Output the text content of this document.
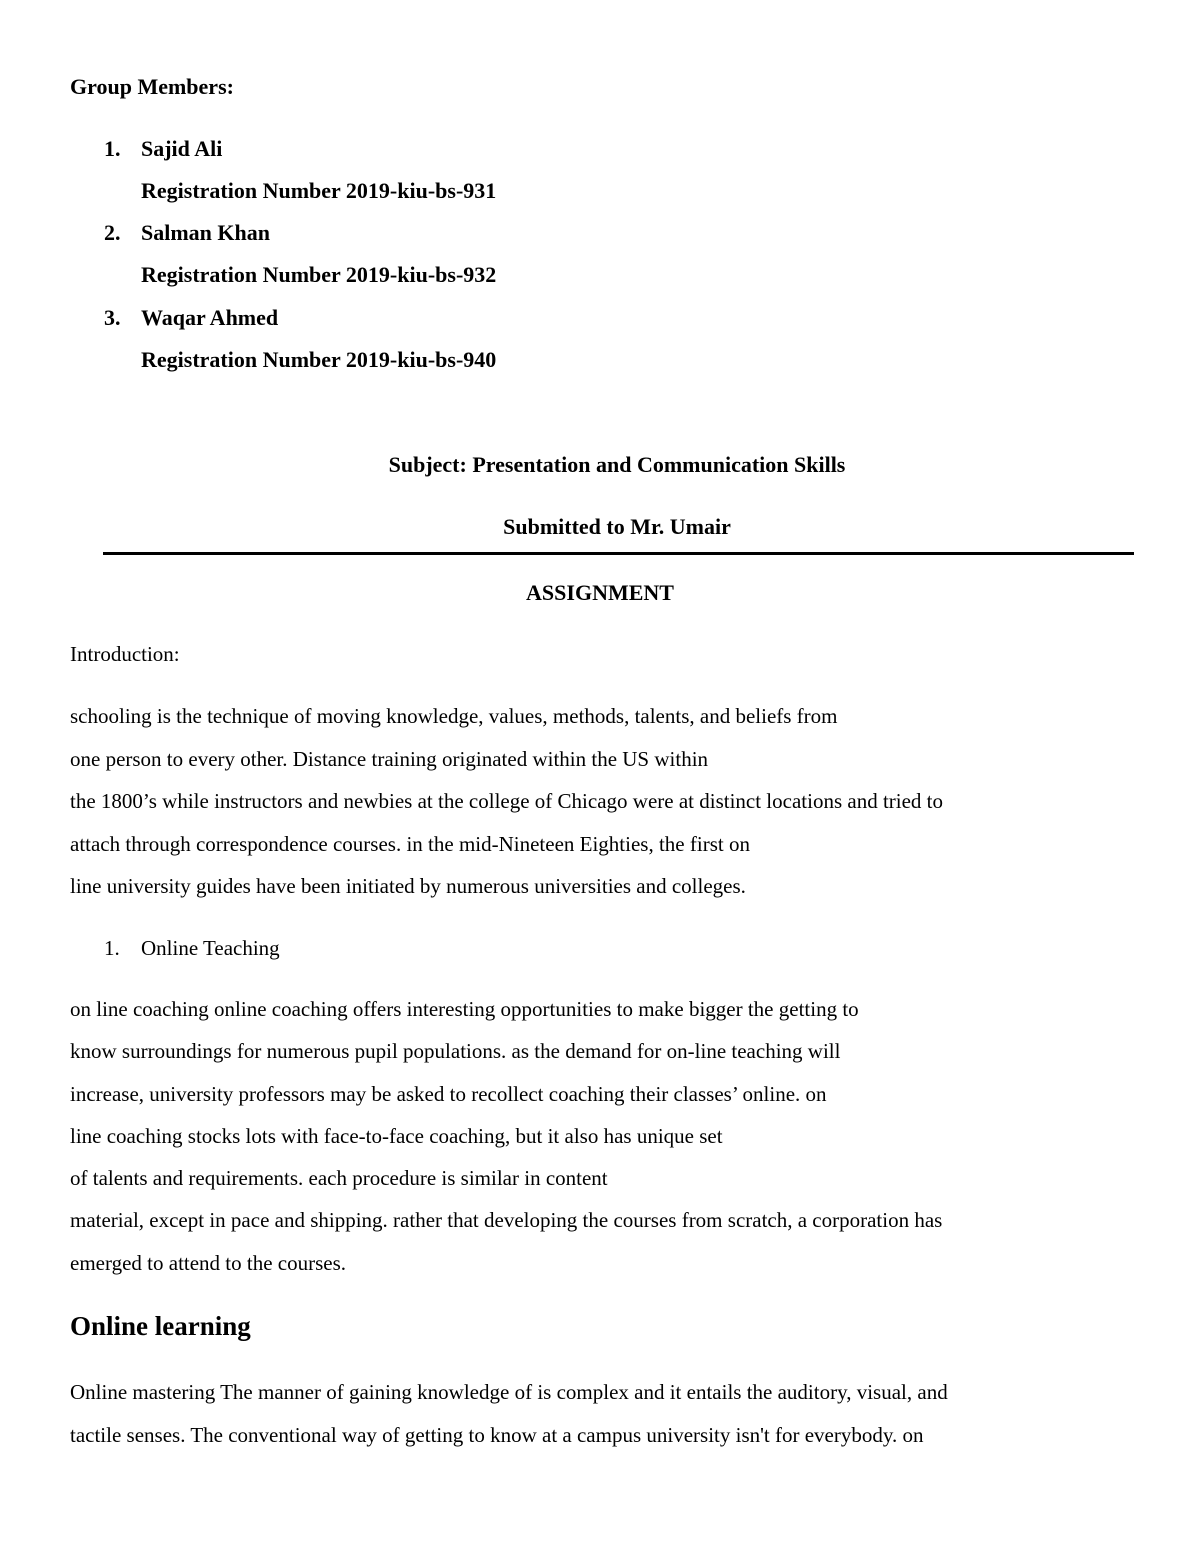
Group Members:
1. Sajid Ali
Registration Number 2019-kiu-bs-931
2. Salman Khan
Registration Number 2019-kiu-bs-932
3. Waqar Ahmed
Registration Number 2019-kiu-bs-940
Subject: Presentation and Communication Skills
Submitted to Mr. Umair
ASSIGNMENT
Introduction:
schooling is the technique of moving knowledge, values, methods, talents, and beliefs from
one person to every other. Distance training originated within the US within
the 1800’s while instructors and newbies at the college of Chicago were at distinct locations and tried to
attach through correspondence courses. in the mid-Nineteen Eighties, the first on
line university guides have been initiated by numerous universities and colleges.
1. Online Teaching
on line coaching online coaching offers interesting opportunities to make bigger the getting to
know surroundings for numerous pupil populations. as the demand for on-line teaching will
increase, university professors may be asked to recollect coaching their classes’ online. on
line coaching stocks lots with face-to-face coaching, but it also has unique set
of talents and requirements. each procedure is similar in content
material, except in pace and shipping. rather that developing the courses from scratch, a corporation has
emerged to attend to the courses.
Online learning
Online mastering The manner of gaining knowledge of is complex and it entails the auditory, visual, and
tactile senses. The conventional way of getting to know at a campus university isn't for everybody. on
